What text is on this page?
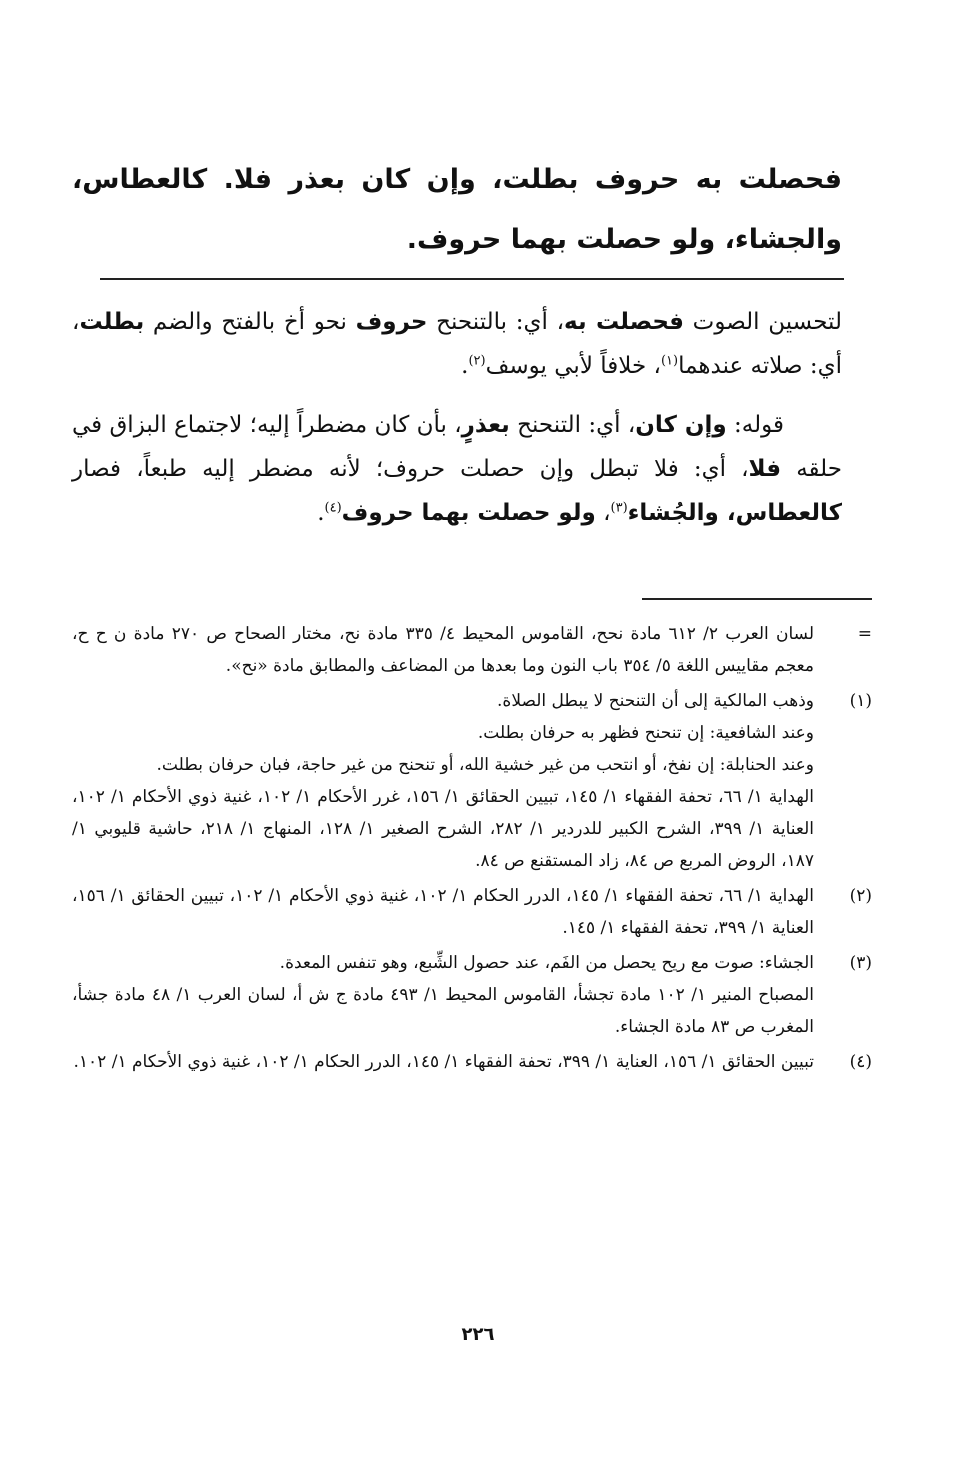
فحصلت به حروف بطلت، وإن كان بعذر فلا. كالعطاس، والجشاء، ولو حصلت بهما حروف.

لتحسين الصوت فحصلت به، أي: بالتنحنح حروف نحو أخ بالفتح والضم بطلت، أي: صلاته عندهما$^{(١)}$، خلافاً لأبي يوسف$^{(٢)}$.

قوله: وإن كان، أي: التنحنح بعذرٍ، بأن كان مضطراً إليه؛ لاجتماع البزاق في حلقه فلا، أي: فلا تبطل وإن حصلت حروف؛ لأنه مضطر إليه طبعاً، فصار كالعطاس، والجُشاء$^{(٣)}$، ولو حصلت بهما حروف$^{(٤)}$.

=

لسان العرب ٢/ ٦١٢ مادة نحح، القاموس المحيط ٤/ ٣٣٥ مادة نح، مختار الصحاح ص ٢٧٠ مادة ن ح ح، معجم مقاييس اللغة ٥/ ٣٥٤ باب النون وما بعدها من المضاعف والمطابق مادة «نح».

(١)

وذهب المالكية إلى أن التنحنح لا يبطل الصلاة.

وعند الشافعية: إن تنحنح فظهر به حرفان بطلت.

وعند الحنابلة: إن نفخ، أو انتحب من غير خشية الله، أو تنحنح من غير حاجة، فبان حرفان بطلت.

الهداية ١/ ٦٦، تحفة الفقهاء ١/ ١٤٥، تبيين الحقائق ١/ ١٥٦، غرر الأحكام ١/ ١٠٢، غنية ذوي الأحكام ١/ ١٠٢، العناية ١/ ٣٩٩، الشرح الكبير للدردير ١/ ٢٨٢، الشرح الصغير ١/ ١٢٨، المنهاج ١/ ٢١٨، حاشية قليوبي ١/ ١٨٧، الروض المربع ص ٨٤، زاد المستقنع ص ٨٤.

(٢)

الهداية ١/ ٦٦، تحفة الفقهاء ١/ ١٤٥، الدرر الحكام ١/ ١٠٢، غنية ذوي الأحكام ١/ ١٠٢، تبيين الحقائق ١/ ١٥٦، العناية ١/ ٣٩٩، تحفة الفقهاء ١/ ١٤٥.

(٣)

الجشاء: صوت مع ريح يحصل من الفَم، عند حصول الشِّبع، وهو تنفس المعدة.

المصباح المنير ١/ ١٠٢ مادة تجشأ، القاموس المحيط ١/ ٤٩٣ مادة ج ش أ، لسان العرب ١/ ٤٨ مادة جشأ، المغرب ص ٨٣ مادة الجشاء.

(٤)

تبيين الحقائق ١/ ١٥٦، العناية ١/ ٣٩٩، تحفة الفقهاء ١/ ١٤٥، الدرر الحكام ١/ ١٠٢، غنية ذوي الأحكام ١/ ١٠٢.

٢٢٦
